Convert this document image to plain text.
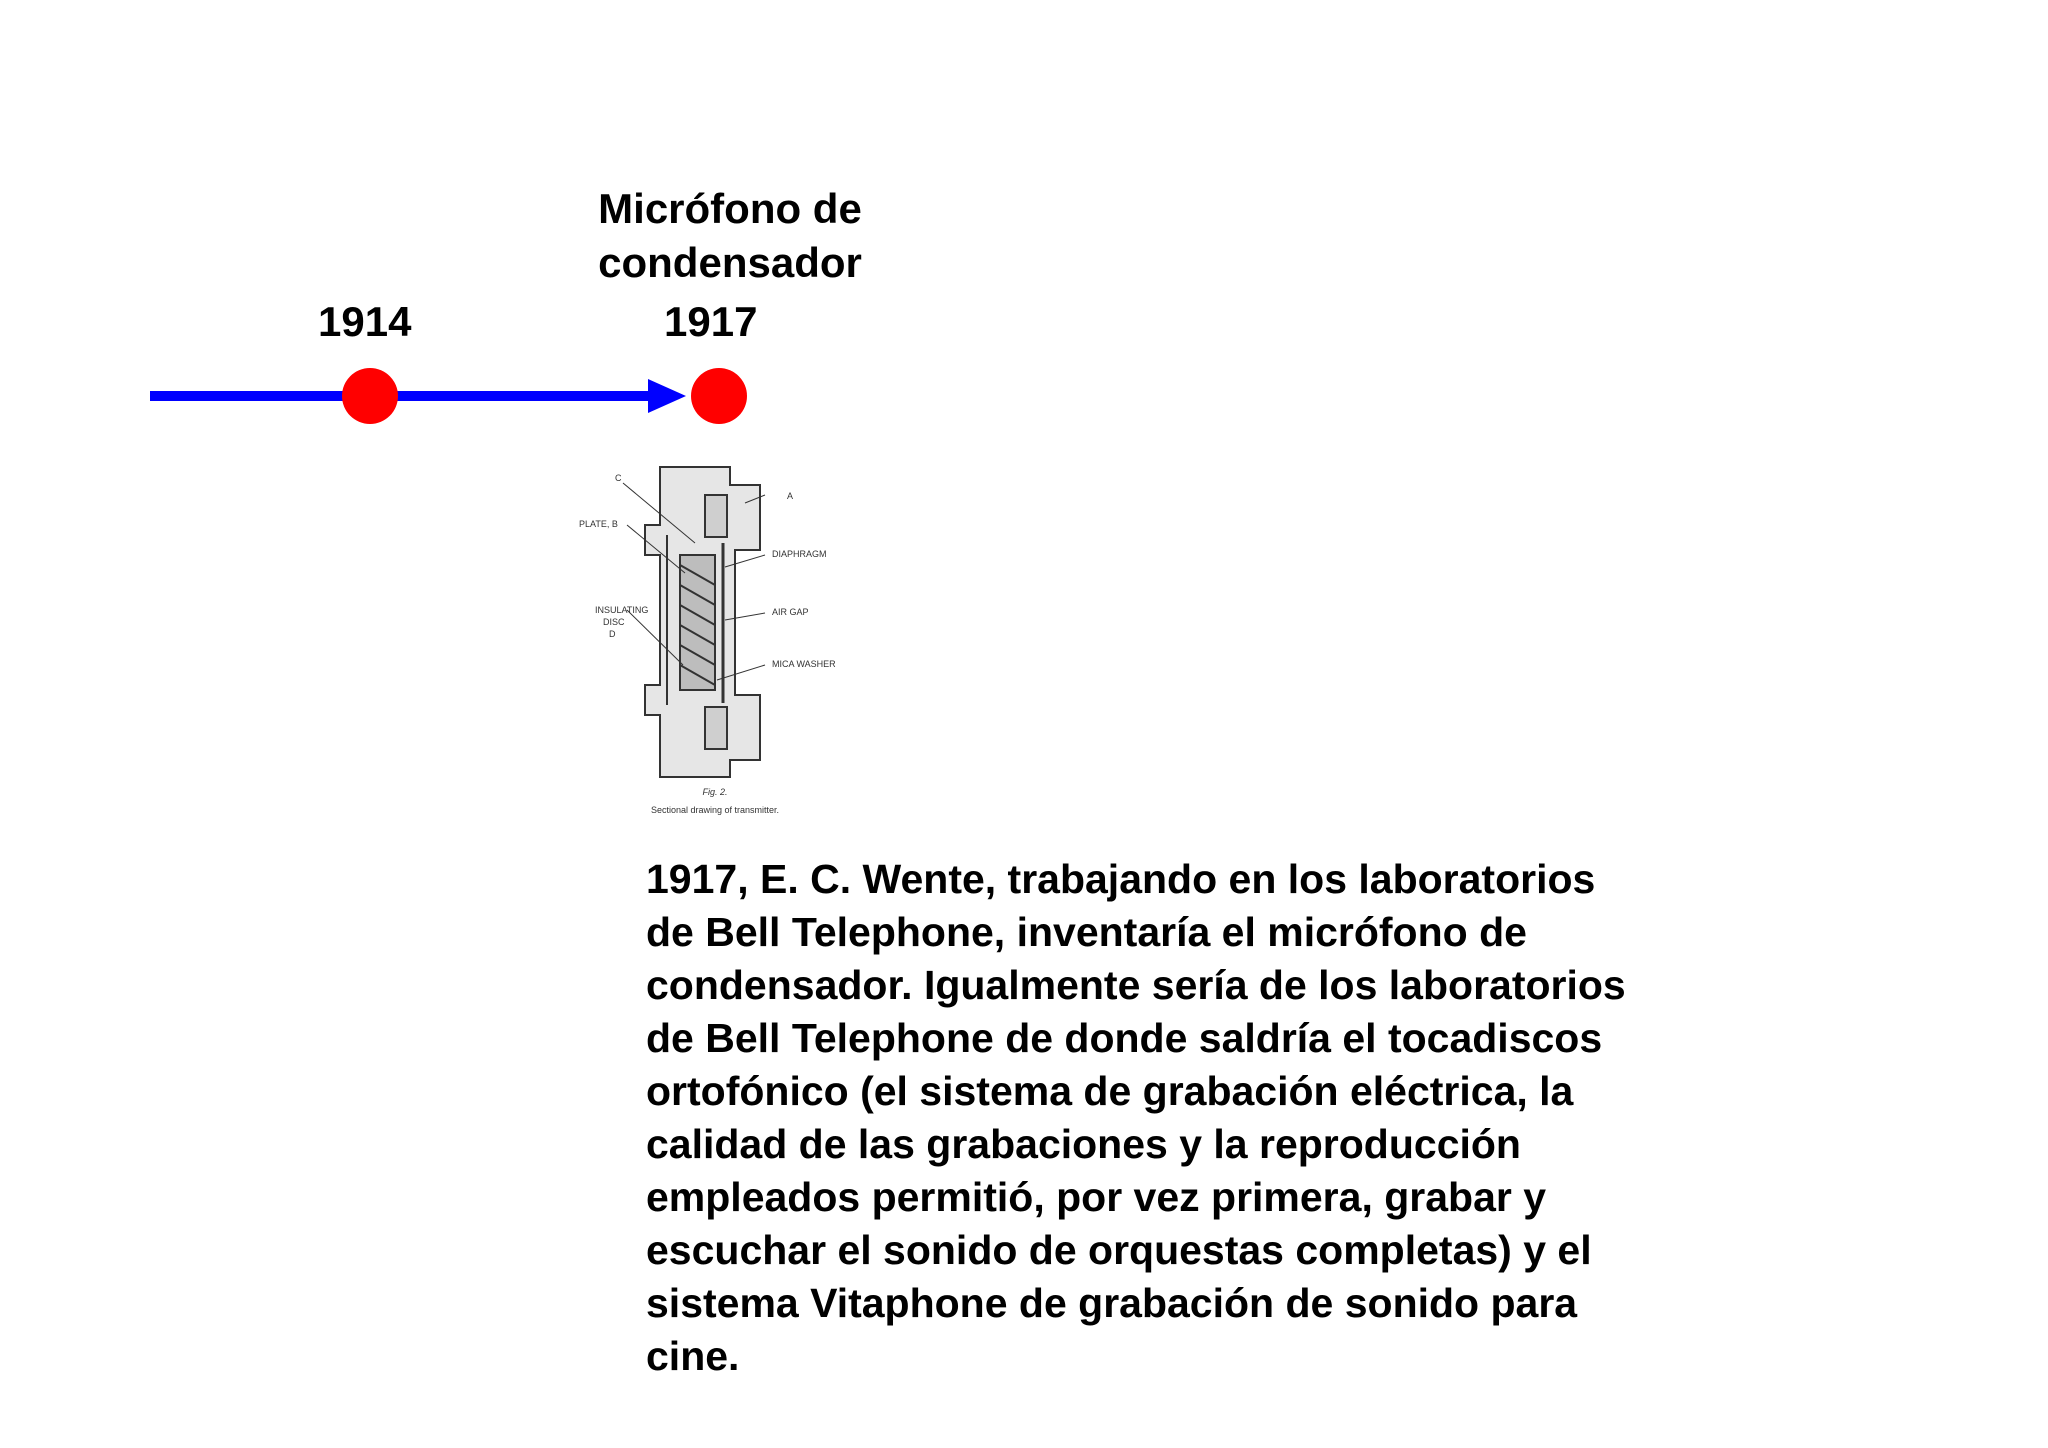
Micrófono de
condensador
1914	1917
C
A
PLATE, B
DIAPHRAGM
INSULATING
DISC
D
AIR GAP
MICA WASHER
Fig. 2.
Sectional drawing of transmitter.
1917, E. C. Wente, trabajando en los laboratorios
de Bell Telephone, inventaría el micrófono de
condensador. Igualmente sería de los laboratorios
de Bell Telephone de donde saldría el tocadiscos
ortofónico (el sistema de grabación eléctrica, la
calidad de las grabaciones y la reproducción
empleados permitió, por vez primera, grabar y
escuchar el sonido de orquestas completas) y el
sistema Vitaphone de grabación de sonido para
cine.
